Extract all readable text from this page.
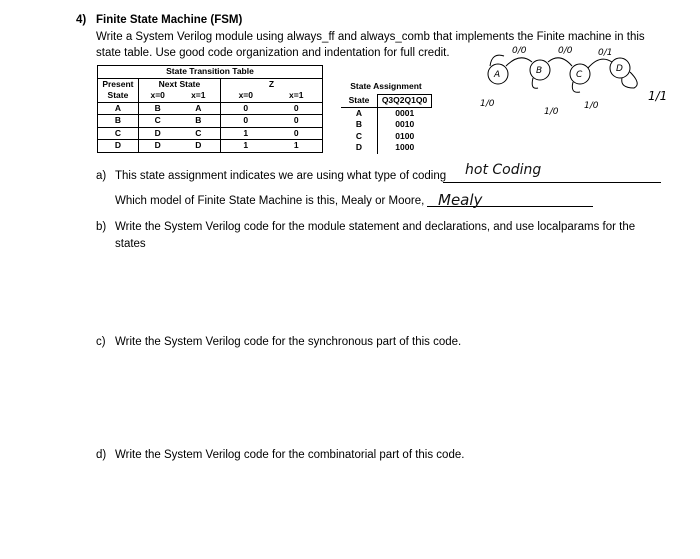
4) Finite State Machine (FSM)
Write a System Verilog module using always_ff and always_comb that implements the Finite machine in this
state table. Use good code organization and indentation for full credit.
State Transition Table				
Present	Next State		Z	
State	x=0	x=1	x=0	x=1
A	B	A	0	0
B	C	B	0	0
C	D	C	1	0
D	D	D	1	1
State Assignment
State	Q3Q2Q1Q0
A	0001
B	0010
C	0100
D	1000
A	B	C
D
0/0	0/0	0/1
1/0
1/0
1/0
1/1
a) This state assignment indicates we are using what type of coding hot Coding
Which model of Finite State Machine is this, Mealy or Moore, Mealy
b) Write the System Verilog code for the module statement and declarations, and use localparams for the
states
c) Write the System Verilog code for the synchronous part of this code.
d) Write the System Verilog code for the combinatorial part of this code.
